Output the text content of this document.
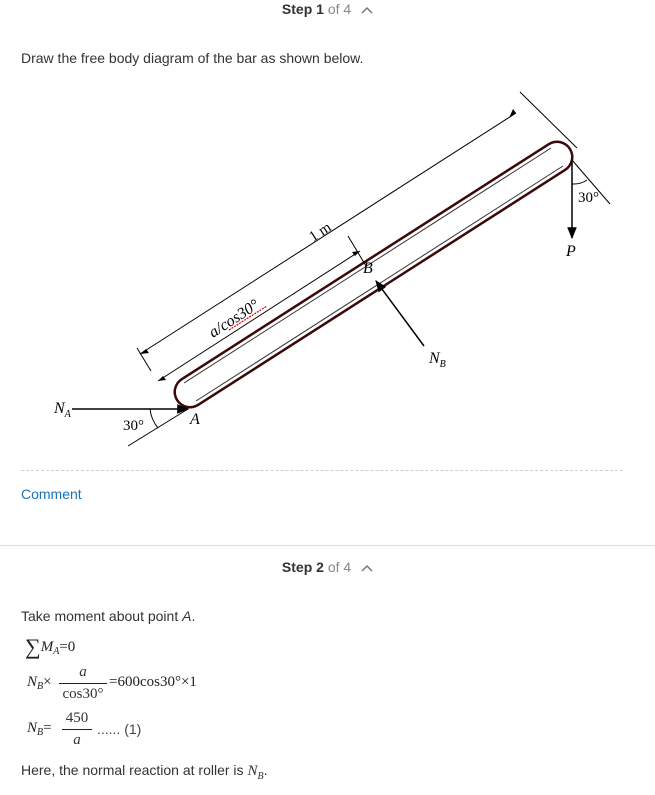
Step 1 of 4
Draw the free body diagram of the bar as shown below.
1 m
a/cos30°
30°
P
B
$N_B$
30°	A
$N_A$
Comment
Step 2 of 4
Take moment about point A.
$\sum M_A=0$
$N_B\times$
a
cos30°
=600cos30°×1
$N_B=$
450
a
...... (1)
Here, the normal reaction at roller is $N_B$.
